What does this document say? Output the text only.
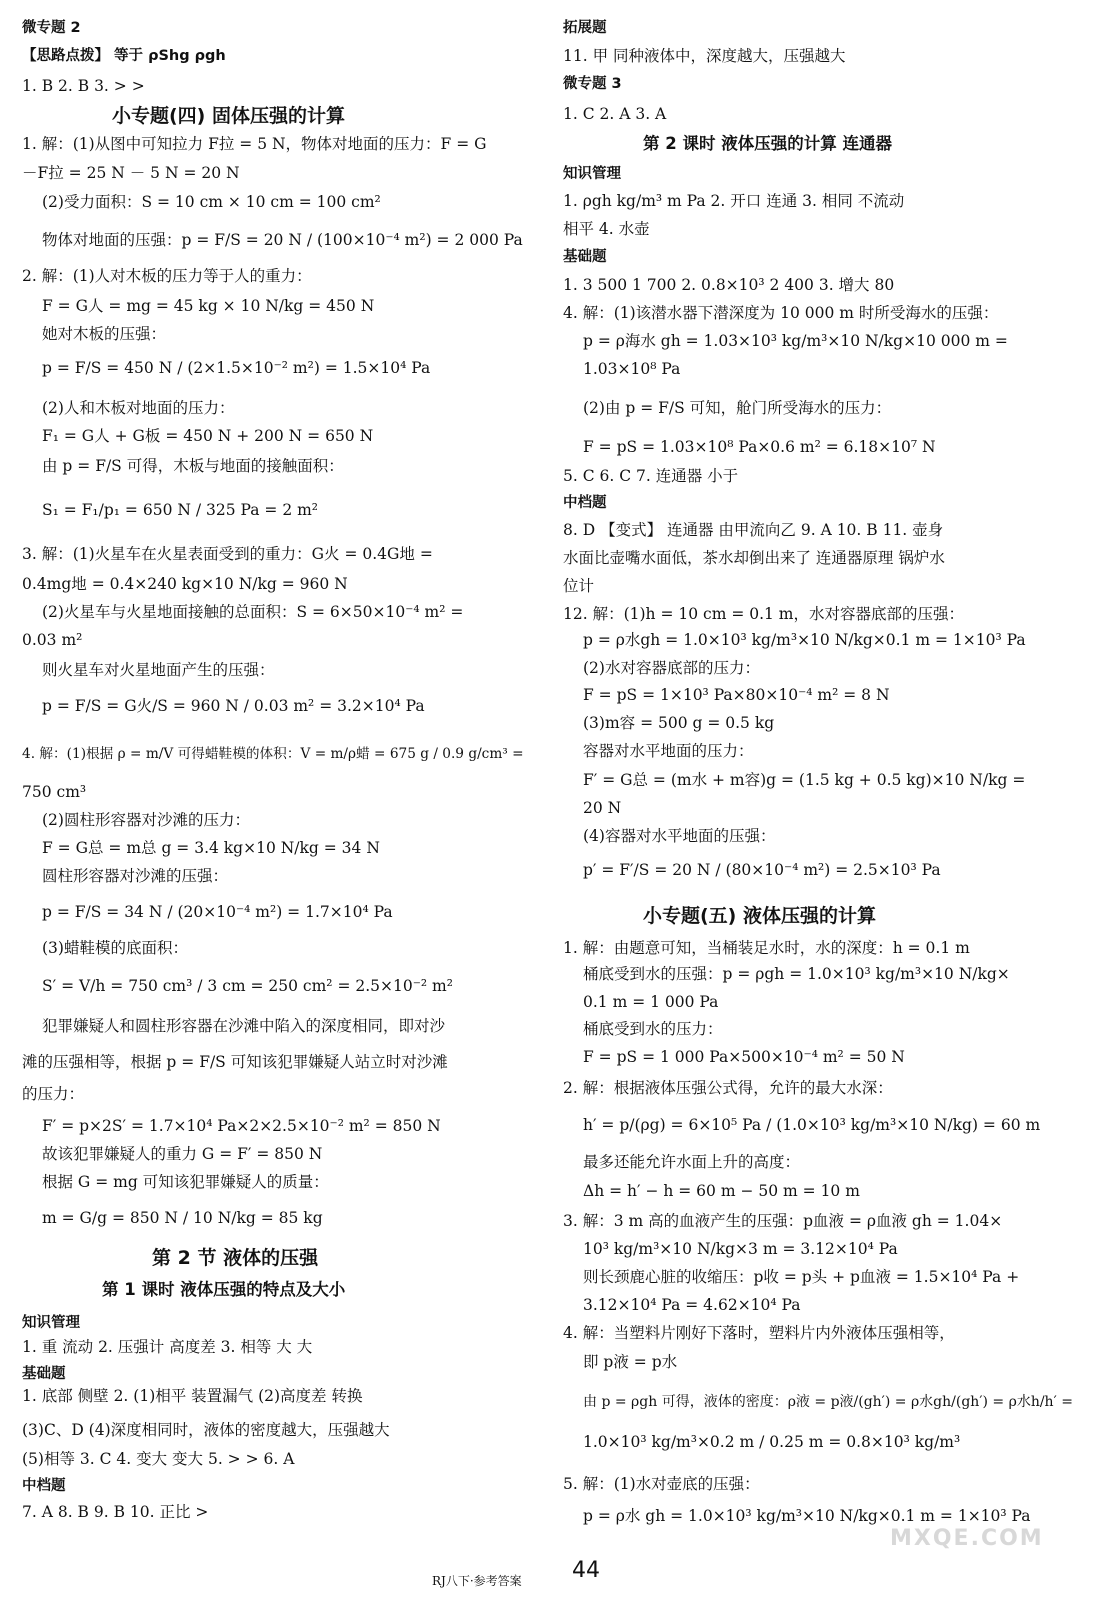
微专题 2
【思路点拨】 等于 ρShg ρgh
1. B 2. B 3. > >
小专题(四) 固体压强的计算
1. 解：(1)从图中可知拉力 F拉 = 5 N，物体对地面的压力：F = G
－F拉 = 25 N － 5 N = 20 N
(2)受力面积：S = 10 cm × 10 cm = 100 cm²
物体对地面的压强：p = F/S = 20 N / (100×10⁻⁴ m²) = 2 000 Pa
2. 解：(1)人对木板的压力等于人的重力：
F = G人 = mg = 45 kg × 10 N/kg = 450 N
她对木板的压强：
p = F/S = 450 N / (2×1.5×10⁻² m²) = 1.5×10⁴ Pa
(2)人和木板对地面的压力：
F₁ = G人 + G板 = 450 N + 200 N = 650 N
由 p = F/S 可得，木板与地面的接触面积：
S₁ = F₁/p₁ = 650 N / 325 Pa = 2 m²
3. 解：(1)火星车在火星表面受到的重力：G火 = 0.4G地 =
0.4mg地 = 0.4×240 kg×10 N/kg = 960 N
(2)火星车与火星地面接触的总面积：S = 6×50×10⁻⁴ m² =
0.03 m²
则火星车对火星地面产生的压强：
p = F/S = G火/S = 960 N / 0.03 m² = 3.2×10⁴ Pa
4. 解：(1)根据 ρ = m/V 可得蜡鞋模的体积：V = m/ρ蜡 = 675 g / 0.9 g/cm³ =
750 cm³
(2)圆柱形容器对沙滩的压力：
F = G总 = m总 g = 3.4 kg×10 N/kg = 34 N
圆柱形容器对沙滩的压强：
p = F/S = 34 N / (20×10⁻⁴ m²) = 1.7×10⁴ Pa
(3)蜡鞋模的底面积：
S′ = V/h = 750 cm³ / 3 cm = 250 cm² = 2.5×10⁻² m²
犯罪嫌疑人和圆柱形容器在沙滩中陷入的深度相同，即对沙
滩的压强相等，根据 p = F/S 可知该犯罪嫌疑人站立时对沙滩
的压力：
F′ = p×2S′ = 1.7×10⁴ Pa×2×2.5×10⁻² m² = 850 N
故该犯罪嫌疑人的重力 G = F′ = 850 N
根据 G = mg 可知该犯罪嫌疑人的质量：
m = G/g = 850 N / 10 N/kg = 85 kg
第 2 节 液体的压强
第 1 课时 液体压强的特点及大小
知识管理
1. 重 流动 2. 压强计 高度差 3. 相等 大 大
基础题
1. 底部 侧壁 2. (1)相平 装置漏气 (2)高度差 转换
(3)C、D (4)深度相同时，液体的密度越大，压强越大
(5)相等 3. C 4. 变大 变大 5. > > 6. A
中档题
7. A 8. B 9. B 10. 正比 >
拓展题
11. 甲 同种液体中，深度越大，压强越大
微专题 3
1. C 2. A 3. A
第 2 课时 液体压强的计算 连通器
知识管理
1. ρgh kg/m³ m Pa 2. 开口 连通 3. 相同 不流动
相平 4. 水壶
基础题
1. 3 500 1 700 2. 0.8×10³ 2 400 3. 增大 80
4. 解：(1)该潜水器下潜深度为 10 000 m 时所受海水的压强：
p = ρ海水 gh = 1.03×10³ kg/m³×10 N/kg×10 000 m =
1.03×10⁸ Pa
(2)由 p = F/S 可知，舱门所受海水的压力：
F = pS = 1.03×10⁸ Pa×0.6 m² = 6.18×10⁷ N
5. C 6. C 7. 连通器 小于
中档题
8. D 【变式】 连通器 由甲流向乙 9. A 10. B 11. 壶身
水面比壶嘴水面低，茶水却倒出来了 连通器原理 锅炉水
位计
12. 解：(1)h = 10 cm = 0.1 m，水对容器底部的压强：
p = ρ水gh = 1.0×10³ kg/m³×10 N/kg×0.1 m = 1×10³ Pa
(2)水对容器底部的压力：
F = pS = 1×10³ Pa×80×10⁻⁴ m² = 8 N
(3)m容 = 500 g = 0.5 kg
容器对水平地面的压力：
F′ = G总 = (m水 + m容)g = (1.5 kg + 0.5 kg)×10 N/kg =
20 N
(4)容器对水平地面的压强：
p′ = F′/S = 20 N / (80×10⁻⁴ m²) = 2.5×10³ Pa
小专题(五) 液体压强的计算
1. 解：由题意可知，当桶装足水时，水的深度：h = 0.1 m
桶底受到水的压强：p = ρgh = 1.0×10³ kg/m³×10 N/kg×
0.1 m = 1 000 Pa
桶底受到水的压力：
F = pS = 1 000 Pa×500×10⁻⁴ m² = 50 N
2. 解：根据液体压强公式得，允许的最大水深：
h′ = p/(ρg) = 6×10⁵ Pa / (1.0×10³ kg/m³×10 N/kg) = 60 m
最多还能允许水面上升的高度：
Δh = h′ − h = 60 m − 50 m = 10 m
3. 解：3 m 高的血液产生的压强：p血液 = ρ血液 gh = 1.04×
10³ kg/m³×10 N/kg×3 m = 3.12×10⁴ Pa
则长颈鹿心脏的收缩压：p收 = p头 + p血液 = 1.5×10⁴ Pa +
3.12×10⁴ Pa = 4.62×10⁴ Pa
4. 解：当塑料片刚好下落时，塑料片内外液体压强相等，
即 p液 = p水
由 p = ρgh 可得，液体的密度：ρ液 = p液/(gh′) = ρ水gh/(gh′) = ρ水h/h′ =
1.0×10³ kg/m³×0.2 m / 0.25 m = 0.8×10³ kg/m³
5. 解：(1)水对壶底的压强：
p = ρ水 gh = 1.0×10³ kg/m³×10 N/kg×0.1 m = 1×10³ Pa
RJ八下·参考答案 44
MXQE.COM
